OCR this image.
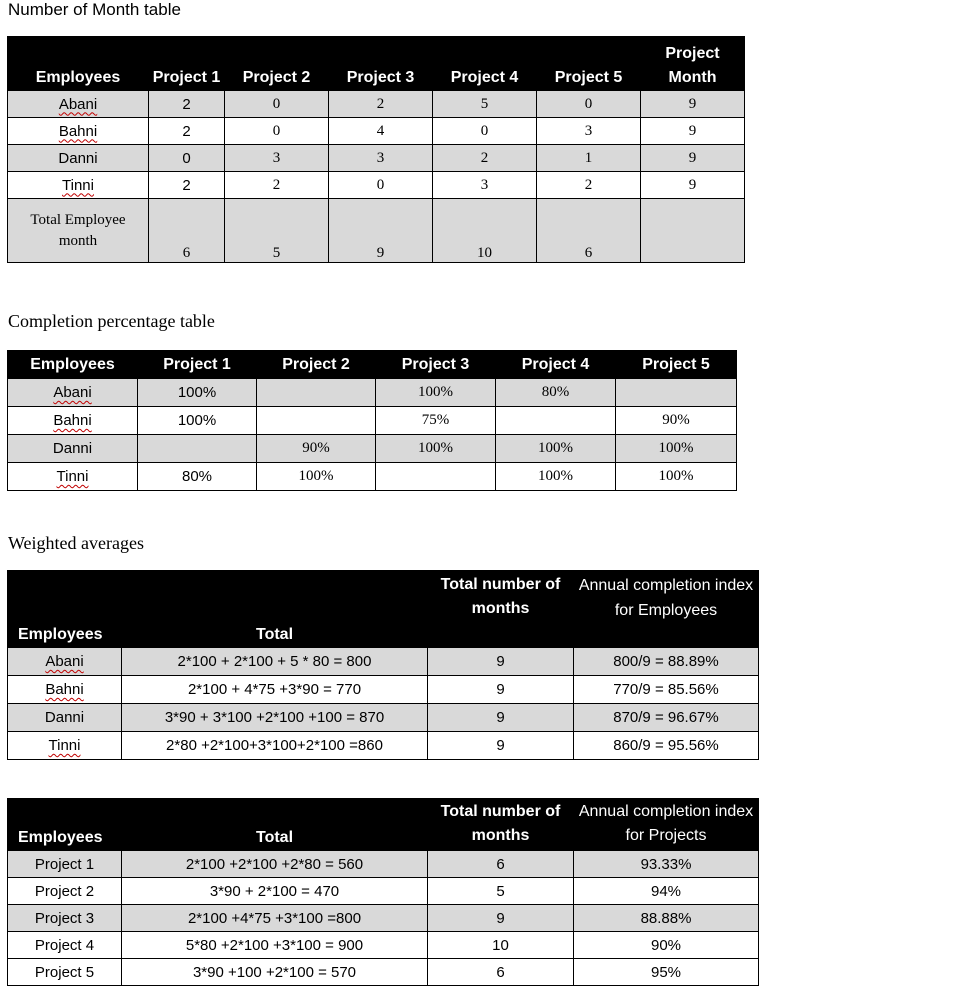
Number of Month table
Employees	Project 1	Project 2	Project 3	Project 4	Project 5	Project Month
Abani	2	0	2	5	0	9
Bahni	2	0	4	0	3	9
Danni	0	3	3	2	1	9
Tinni	2	2	0	3	2	9
Total Employee month	6	5	9	10	6	
Completion percentage table
Employees	Project 1	Project 2	Project 3	Project 4	Project 5
Abani	100%		100%	80%	
Bahni	100%		75%		90%
Danni		90%	100%	100%	100%
Tinni	80%	100%		100%	100%
Weighted averages
Employees	Total	Total number of months	Annual completion index for Employees
Abani	2*100 + 2*100 + 5 * 80 = 800	9	800/9 = 88.89%
Bahni	2*100 + 4*75 +3*90 = 770	9	770/9 = 85.56%
Danni	3*90 + 3*100 +2*100 +100 = 870	9	870/9 = 96.67%
Tinni	2*80 +2*100+3*100+2*100 =860	9	860/9 = 95.56%
Employees	Total	Total number of months	Annual completion index for Projects
Project 1	2*100 +2*100 +2*80 = 560	6	93.33%
Project 2	3*90 + 2*100 = 470	5	94%
Project 3	2*100 +4*75 +3*100 =800	9	88.88%
Project 4	5*80 +2*100 +3*100 = 900	10	90%
Project 5	3*90 +100 +2*100 = 570	6	95%
